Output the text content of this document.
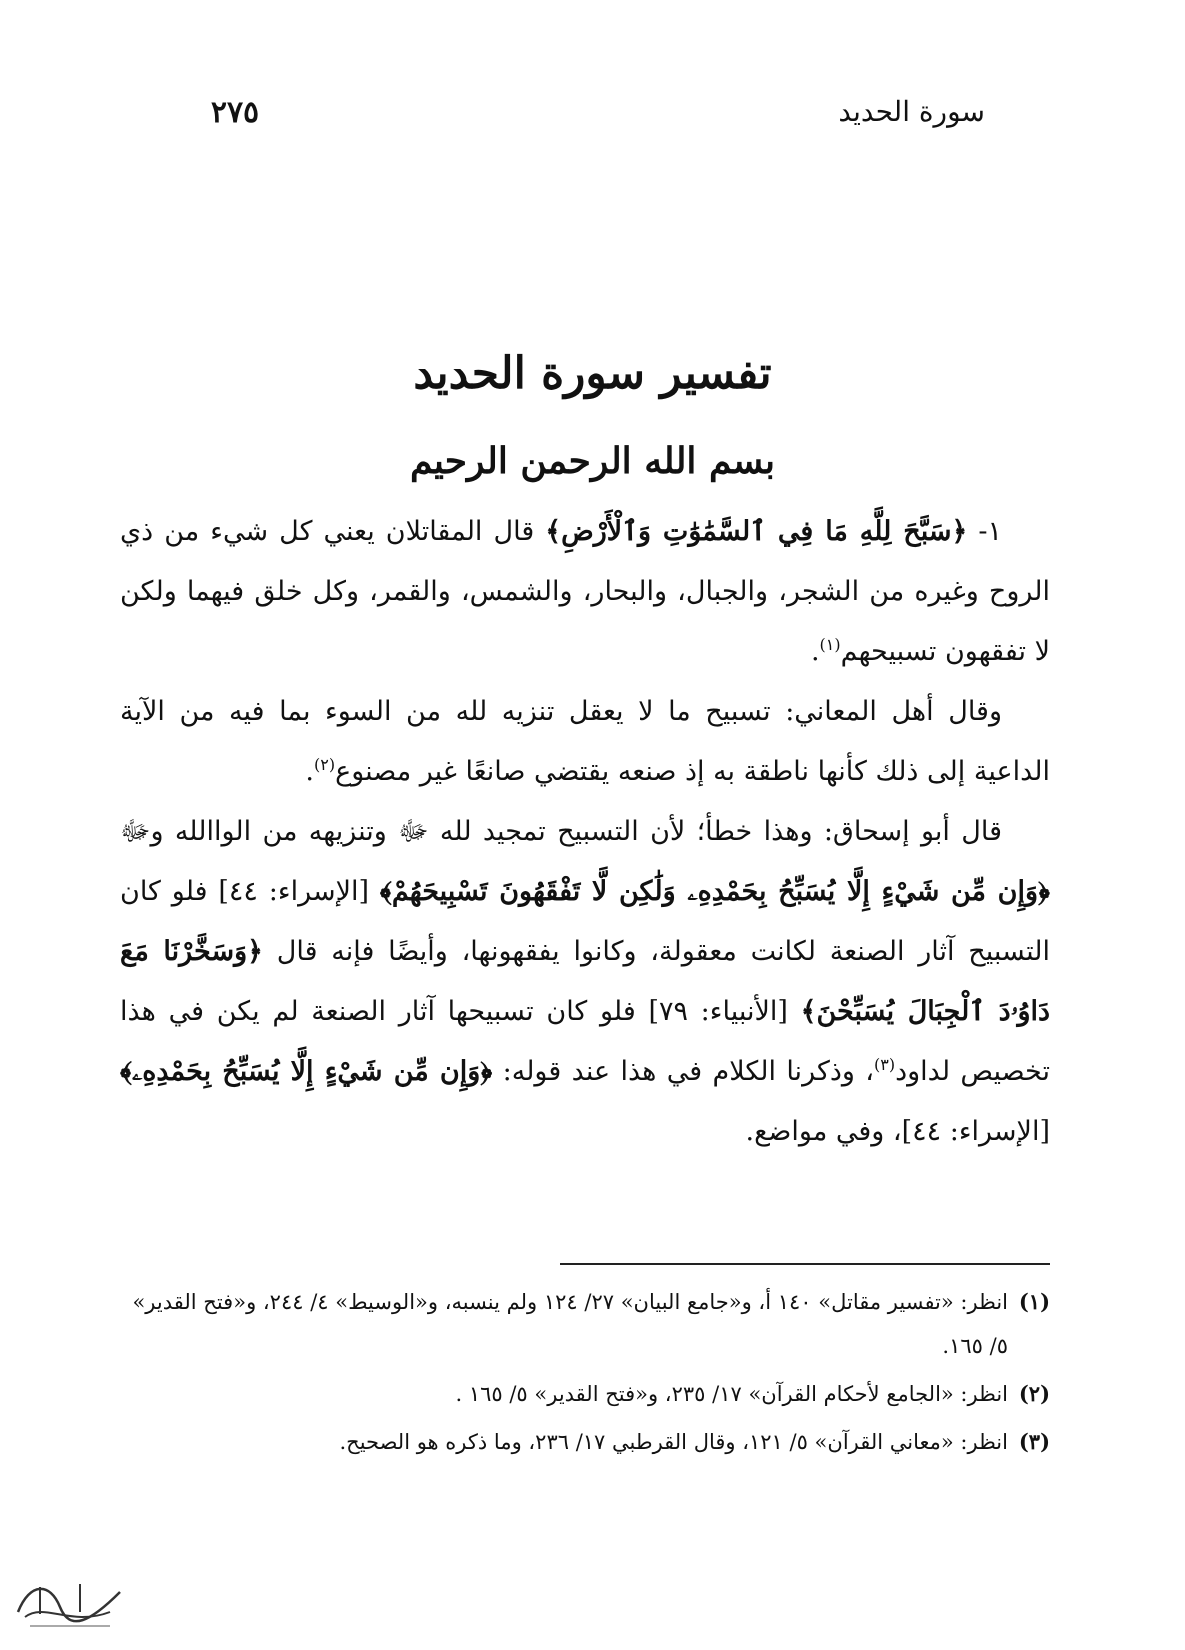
٢٧٥	سورة الحديد
تفسير سورة الحديد
بسم الله الرحمن الرحيم

١- ﴿سَبَّحَ لِلَّهِ مَا فِي ٱلسَّمَٰوَٰتِ وَٱلْأَرْضِ﴾ قال المقاتلان يعني كل شيء من ذي الروح وغيره من الشجر، والجبال، والبحار، والشمس، والقمر، وكل خلق فيهما ولكن لا تفقهون تسبيحهم$^{(١)}$.

وقال أهل المعاني: تسبيح ما لا يعقل تنزيه لله من السوء بما فيه من الآية الداعية إلى ذلك كأنها ناطقة به إذ صنعه يقتضي صانعًا غير مصنوع$^{(٢)}$.

قال أبو إسحاق: وهذا خطأ؛ لأن التسبيح تمجيد لله ﷻ وتنزيهه من الواالله وﷻ ﴿وَإِن مِّن شَيْءٍ إِلَّا يُسَبِّحُ بِحَمْدِهِۦ وَلَٰكِن لَّا تَفْقَهُونَ تَسْبِيحَهُمْ﴾ [الإسراء: ٤٤] فلو كان التسبيح آثار الصنعة لكانت معقولة، وكانوا يفقهونها، وأيضًا فإنه قال ﴿وَسَخَّرْنَا مَعَ دَاوُۥدَ ٱلْجِبَالَ يُسَبِّحْنَ﴾ [الأنبياء: ٧٩] فلو كان تسبيحها آثار الصنعة لم يكن في هذا تخصيص لداود$^{(٣)}$، وذكرنا الكلام في هذا عند قوله: ﴿وَإِن مِّن شَيْءٍ إِلَّا يُسَبِّحُ بِحَمْدِهِۦ﴾ [الإسراء: ٤٤]، وفي مواضع.

(١)انظر: «تفسير مقاتل» ١٤٠ أ، و«جامع البيان» ٢٧/ ١٢٤ ولم ينسبه، و«الوسيط» ٤/ ٢٤٤، و«فتح القدير» ٥/ ١٦٥.

(٢)انظر: «الجامع لأحكام القرآن» ١٧/ ٢٣٥، و«فتح القدير» ٥/ ١٦٥ .

(٣)انظر: «معاني القرآن» ٥/ ١٢١، وقال القرطبي ١٧/ ٢٣٦، وما ذكره هو الصحيح.
